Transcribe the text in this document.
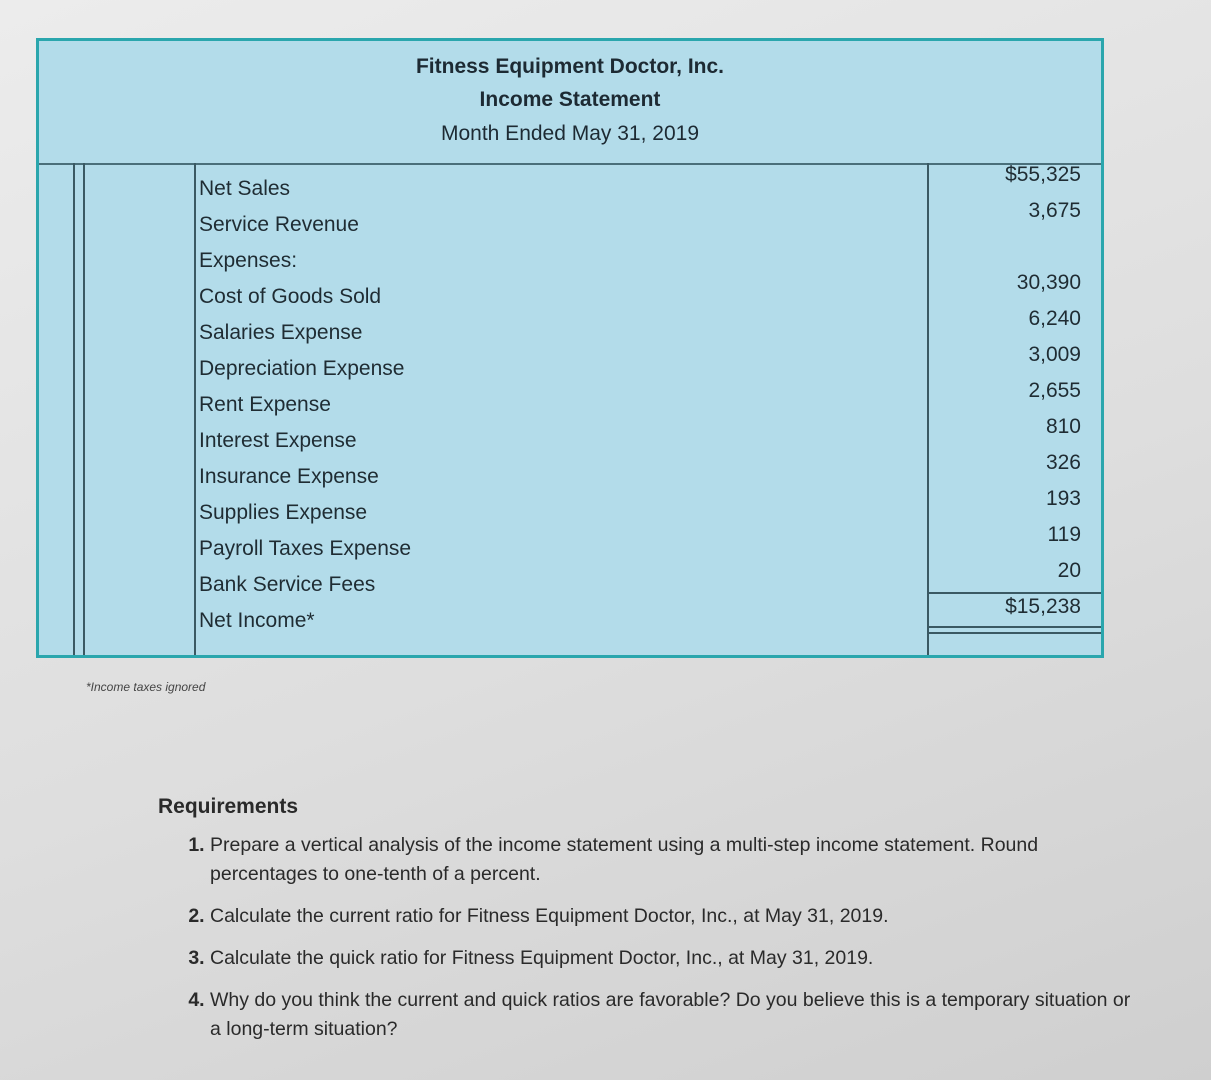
Fitness Equipment Doctor, Inc.
Income Statement
Month Ended May 31, 2019
Net Sales
Service Revenue
Expenses:
Cost of Goods Sold
Salaries Expense
Depreciation Expense
Rent Expense
Interest Expense
Insurance Expense
Supplies Expense
Payroll Taxes Expense
Bank Service Fees
Net Income*
$55,325
3,675
30,390
6,240
3,009
2,655
810
326
193
119
20
$15,238
*Income taxes ignored
Requirements
1. Prepare a vertical analysis of the income statement using a multi-step income statement. Round percentages to one-tenth of a percent.
2. Calculate the current ratio for Fitness Equipment Doctor, Inc., at May 31, 2019.
3. Calculate the quick ratio for Fitness Equipment Doctor, Inc., at May 31, 2019.
4. Why do you think the current and quick ratios are favorable? Do you believe this is a temporary situation or a long-term situation?
